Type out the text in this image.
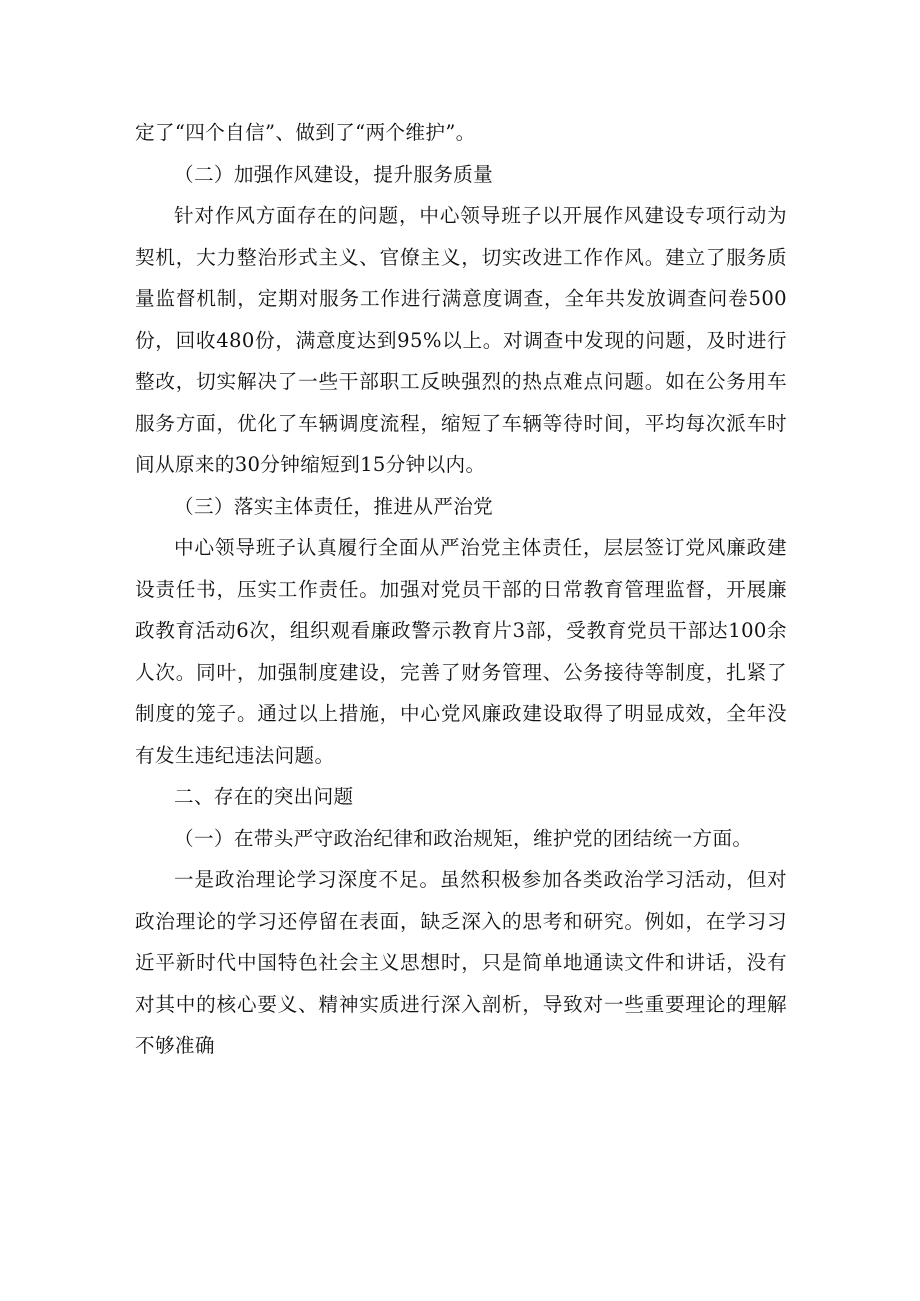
定了“四个自信”、做到了“两个维护”。

（二）加强作风建设，提升服务质量

针对作风方面存在的问题，中心领导班子以开展作风建设专项行动为契机，大力整治形式主义、官僚主义，切实改进工作作风。建立了服务质量监督机制，定期对服务工作进行满意度调查，全年共发放调查问卷500份，回收480份，满意度达到95%以上。对调查中发现的问题，及时进行整改，切实解决了一些干部职工反映强烈的热点难点问题。如在公务用车服务方面，优化了车辆调度流程，缩短了车辆等待时间，平均每次派车时间从原来的30分钟缩短到15分钟以内。

（三）落实主体责任，推进从严治党

中心领导班子认真履行全面从严治党主体责任，层层签订党风廉政建设责任书，压实工作责任。加强对党员干部的日常教育管理监督，开展廉政教育活动6次，组织观看廉政警示教育片3部，受教育党员干部达100余人次。同叶，加强制度建设，完善了财务管理、公务接待等制度，扎紧了制度的笼子。通过以上措施，中心党风廉政建设取得了明显成效，全年没有发生违纪违法问题。

二、存在的突出问题

（一）在带头严守政治纪律和政治规矩，维护党的团结统一方面。

一是政治理论学习深度不足。虽然积极参加各类政治学习活动，但对政治理论的学习还停留在表面，缺乏深入的思考和研究。例如，在学习习近平新时代中国特色社会主义思想时，只是简单地通读文件和讲话，没有对其中的核心要义、精神实质进行深入剖析，导致对一些重要理论的理解不够准确
